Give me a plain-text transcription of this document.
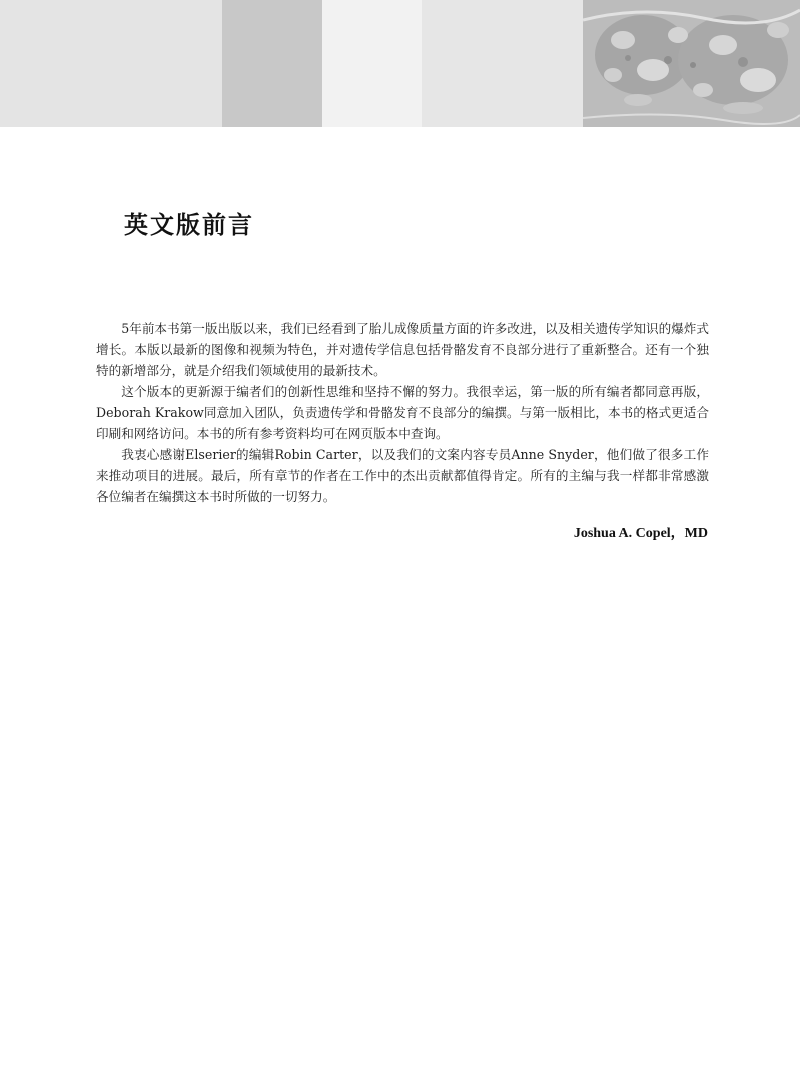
英文版前言

5年前本书第一版出版以来，我们已经看到了胎儿成像质量方面的许多改进，以及相关遗传学知识的爆炸式增长。本版以最新的图像和视频为特色，并对遗传学信息包括骨骼发育不良部分进行了重新整合。还有一个独特的新增部分，就是介绍我们领域使用的最新技术。

这个版本的更新源于编者们的创新性思维和坚持不懈的努力。我很幸运，第一版的所有编者都同意再版，Deborah Krakow同意加入团队，负责遗传学和骨骼发育不良部分的编撰。与第一版相比，本书的格式更适合印刷和网络访问。本书的所有参考资料均可在网页版本中查询。

我衷心感谢Elserier的编辑Robin Carter，以及我们的文案内容专员Anne Snyder，他们做了很多工作来推动项目的进展。最后，所有章节的作者在工作中的杰出贡献都值得肯定。所有的主编与我一样都非常感激各位编者在编撰这本书时所做的一切努力。

Joshua A. Copel，MD
